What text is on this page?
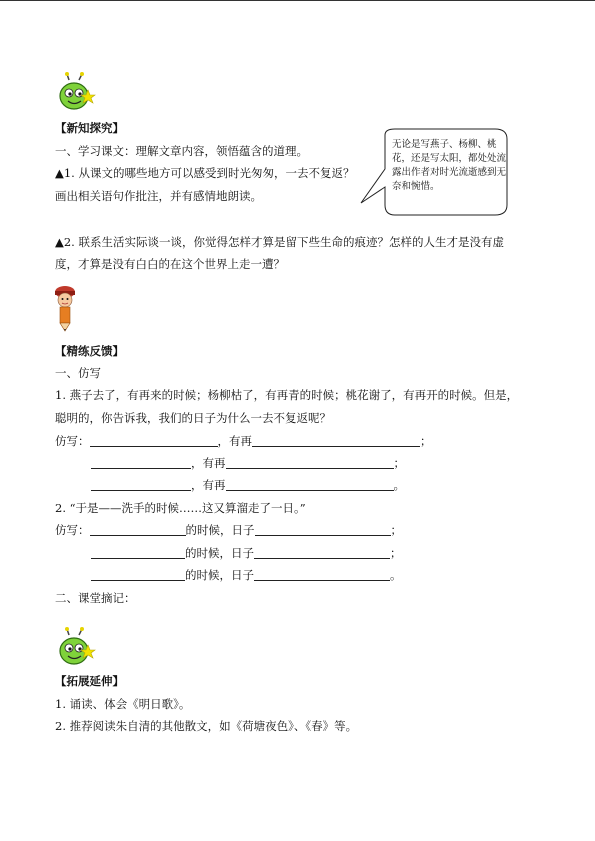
【新知探究】
一、学习课文：理解文章内容，领悟蕴含的道理。
▲1. 从课文的哪些地方可以感受到时光匆匆，一去不复返？
画出相关语句作批注，并有感情地朗读。
无论是写燕子、杨柳、桃花，还是写太阳，都处处流露出作者对时光流逝感到无奈和惋惜。
▲2. 联系生活实际谈一谈，你觉得怎样才算是留下些生命的痕迹？怎样的人生才是没有虚
度，才算是没有白白的在这个世界上走一遭？
【精练反馈】
一、仿写
1. 燕子去了，有再来的时候；杨柳枯了，有再青的时候；桃花谢了，有再开的时候。但是，
聪明的，你告诉我，我们的日子为什么一去不复返呢？
仿写：	，有再	；
，有再	；
，有再	。
2. “于是——洗手的时候……这又算溜走了一日。”
仿写：	的时候，日子	；
的时候，日子	；
的时候，日子	。
二、课堂摘记：
【拓展延伸】
1. 诵读、体会《明日歌》。
2. 推荐阅读朱自清的其他散文，如《荷塘夜色》、《春》等。
